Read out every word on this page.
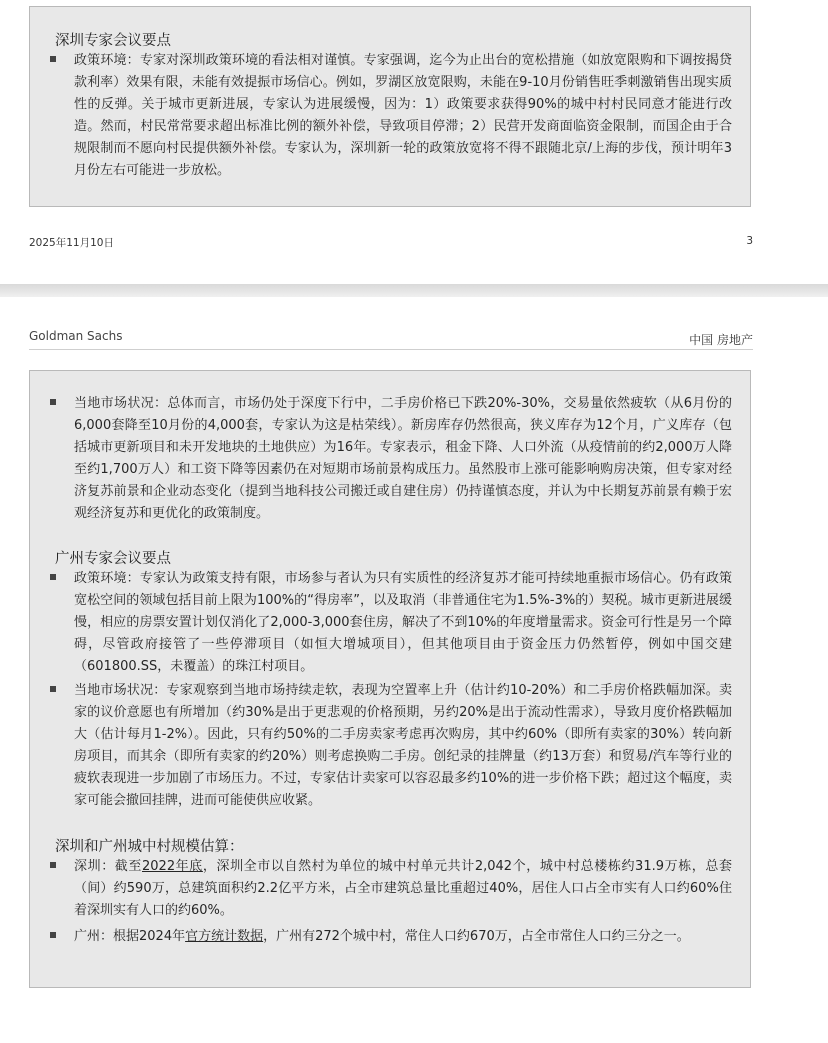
深圳专家会议要点
政策环境：专家对深圳政策环境的看法相对谨慎。专家强调，迄今为止出台的宽松措施（如放宽限购和下调按揭贷款利率）效果有限，未能有效提振市场信心。例如，罗湖区放宽限购，未能在9-10月份销售旺季刺激销售出现实质性的反弹。关于城市更新进展，专家认为进展缓慢，因为：1）政策要求获得90%的城中村村民同意才能进行改造。然而，村民常常要求超出标准比例的额外补偿，导致项目停滞；2）民营开发商面临资金限制，而国企由于合规限制而不愿向村民提供额外补偿。专家认为，深圳新一轮的政策放宽将不得不跟随北京/上海的步伐，预计明年3月份左右可能进一步放松。
2025年11月10日	3
Goldman Sachs	中国 房地产
当地市场状况：总体而言，市场仍处于深度下行中，二手房价格已下跌20%-30%，交易量依然疲软（从6月份的6,000套降至10月份的4,000套，专家认为这是枯荣线）。新房库存仍然很高，狭义库存为12个月，广义库存（包括城市更新项目和未开发地块的土地供应）为16年。专家表示，租金下降、人口外流（从疫情前的约2,000万人降至约1,700万人）和工资下降等因素仍在对短期市场前景构成压力。虽然股市上涨可能影响购房决策，但专家对经济复苏前景和企业动态变化（提到当地科技公司搬迁或自建住房）仍持谨慎态度，并认为中长期复苏前景有赖于宏观经济复苏和更优化的政策制度。
广州专家会议要点
政策环境：专家认为政策支持有限，市场参与者认为只有实质性的经济复苏才能可持续地重振市场信心。仍有政策宽松空间的领域包括目前上限为100%的“得房率”，以及取消（非普通住宅为1.5%-3%的）契税。城市更新进展缓慢，相应的房票安置计划仅消化了2,000-3,000套住房，解决了不到10%的年度增量需求。资金可行性是另一个障碍，尽管政府接管了一些停滞项目（如恒大增城项目），但其他项目由于资金压力仍然暂停，例如中国交建（601800.SS，未覆盖）的珠江村项目。
当地市场状况：专家观察到当地市场持续走软，表现为空置率上升（估计约10-20%）和二手房价格跌幅加深。卖家的议价意愿也有所增加（约30%是出于更悲观的价格预期，另约20%是出于流动性需求），导致月度价格跌幅加大（估计每月1-2%）。因此，只有约50%的二手房卖家考虑再次购房，其中约60%（即所有卖家的30%）转向新房项目，而其余（即所有卖家的约20%）则考虑换购二手房。创纪录的挂牌量（约13万套）和贸易/汽车等行业的疲软表现进一步加剧了市场压力。不过，专家估计卖家可以容忍最多约10%的进一步价格下跌；超过这个幅度，卖家可能会撤回挂牌，进而可能使供应收紧。
深圳和广州城中村规模估算：
深圳：截至2022年底，深圳全市以自然村为单位的城中村单元共计2,042个，城中村总楼栋约31.9万栋，总套（间）约590万，总建筑面积约2.2亿平方米，占全市建筑总量比重超过40%，居住人口占全市实有人口约60%住着深圳实有人口的约60%。
广州：根据2024年官方统计数据，广州有272个城中村，常住人口约670万，占全市常住人口约三分之一。
